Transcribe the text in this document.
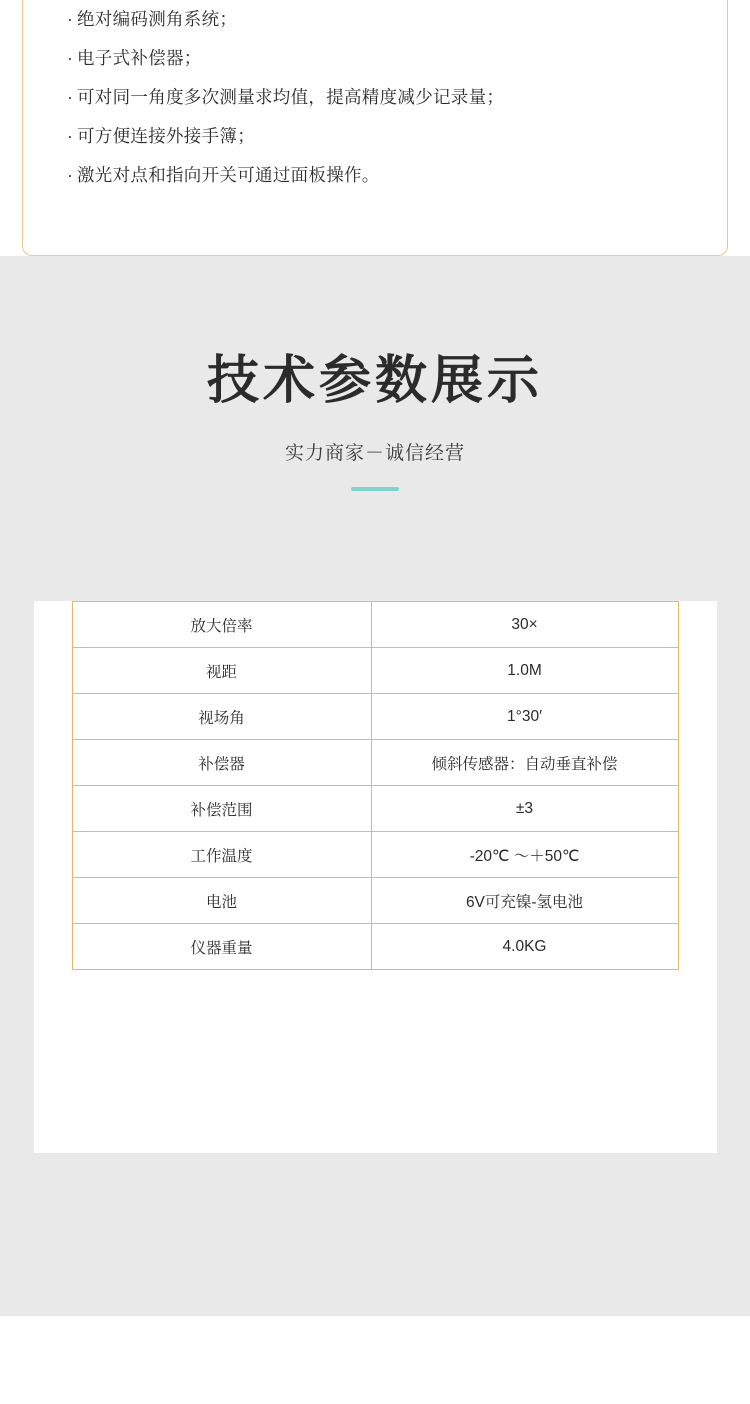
· 绝对编码测角系统；
· 电子式补偿器；
· 可对同一角度多次测量求均值，提高精度减少记录量；
· 可方便连接外接手簿；
· 激光对点和指向开关可通过面板操作。
技术参数展示
实力商家－诚信经营
放大倍率	30×
视距	1.0M
视场角	1°30′
补偿器	倾斜传感器：自动垂直补偿
补偿范围	±3
工作温度	-20℃ ～＋50℃
电池	6V可充镍-氢电池
仪器重量	4.0KG
